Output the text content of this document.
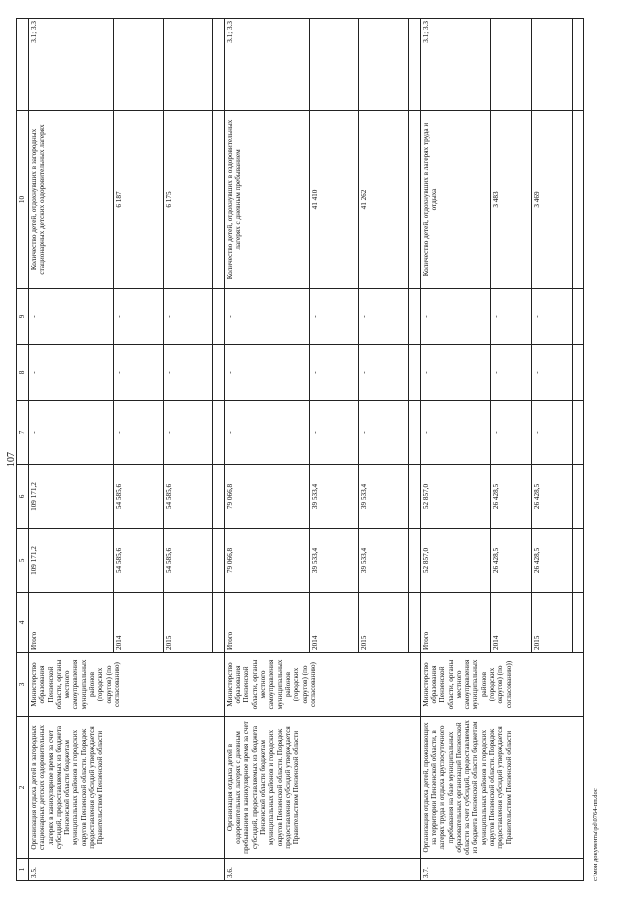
107
1	2	3	4	5	6	7	8	9	10	
3.5.	Организация отдыха детей в загородных стационарных детских оздоровительных лагерях в каникулярное время за счет субсидий, предоставляемых из бюджета Пензенской области бюджетам муниципальных районов и городских округов Пензенской области. Порядок предоставления субсидий утверждается Правительством Пензенской области	Министерство образования Пензенской области, органы местного самоуправления муниципальных районов (городских округов) (по согласованию)	Итого	109 171,2	109 171,2	-	-	-	Количество детей, отдохнувших в загородных стационарных детских оздоровительных лагерях	3.1; 3.3
			2014	54 585,6	54 585,6	-	-	-	6 187	
			2015	54 585,6	54 585,6	-	-	-	6 175	

3.6.	Организация отдыха детей в оздоровительных лагерях с дневным пребыванием в каникулярное время за счет субсидий, предоставляемых из бюджета Пензенской области бюджетам муниципальных районов и городских округов Пензенской области. Порядок предоставления субсидий утверждается Правительством Пензенской области	Министерство образования Пензенской области, органы местного самоуправления муниципальных районов (городских округов) (по согласованию)	Итого	79 066,8	79 066,8	-	-	-	Количество детей, отдохнувших в оздоровительных лагерях с дневным пребыванием	3.1; 3.3
			2014	39 533,4	39 533,4	-	-	-	41 410	
			2015	39 533,4	39 533,4	-	-	-	41 262	

3.7.	Организация отдыха детей, проживающих на территории Пензенской области, в лагерях труда и отдыха круглосуточного пребывания на базе муниципальных образовательных организаций Пензенской области за счет субсидий, предоставляемых из бюджета Пензенской области бюджетам муниципальных районов и городских округов Пензенской области. Порядок предоставления субсидий утверждается Правительством Пензенской области	Министерство образования Пензенской области, органы местного самоуправления муниципальных районов (городских округов) (по согласованию))	Итого	52 857,0	52 857,0	-	-	-	Количество детей, отдохнувших в лагерях труда и отдыха	3.1; 3.3
			2014	26 428,5	26 428,5	-	-	-	3 483	
			2015	26 428,5	26 428,5	-	-	-	3 469	

c:\мои документы\pd\0764-пп.doc
